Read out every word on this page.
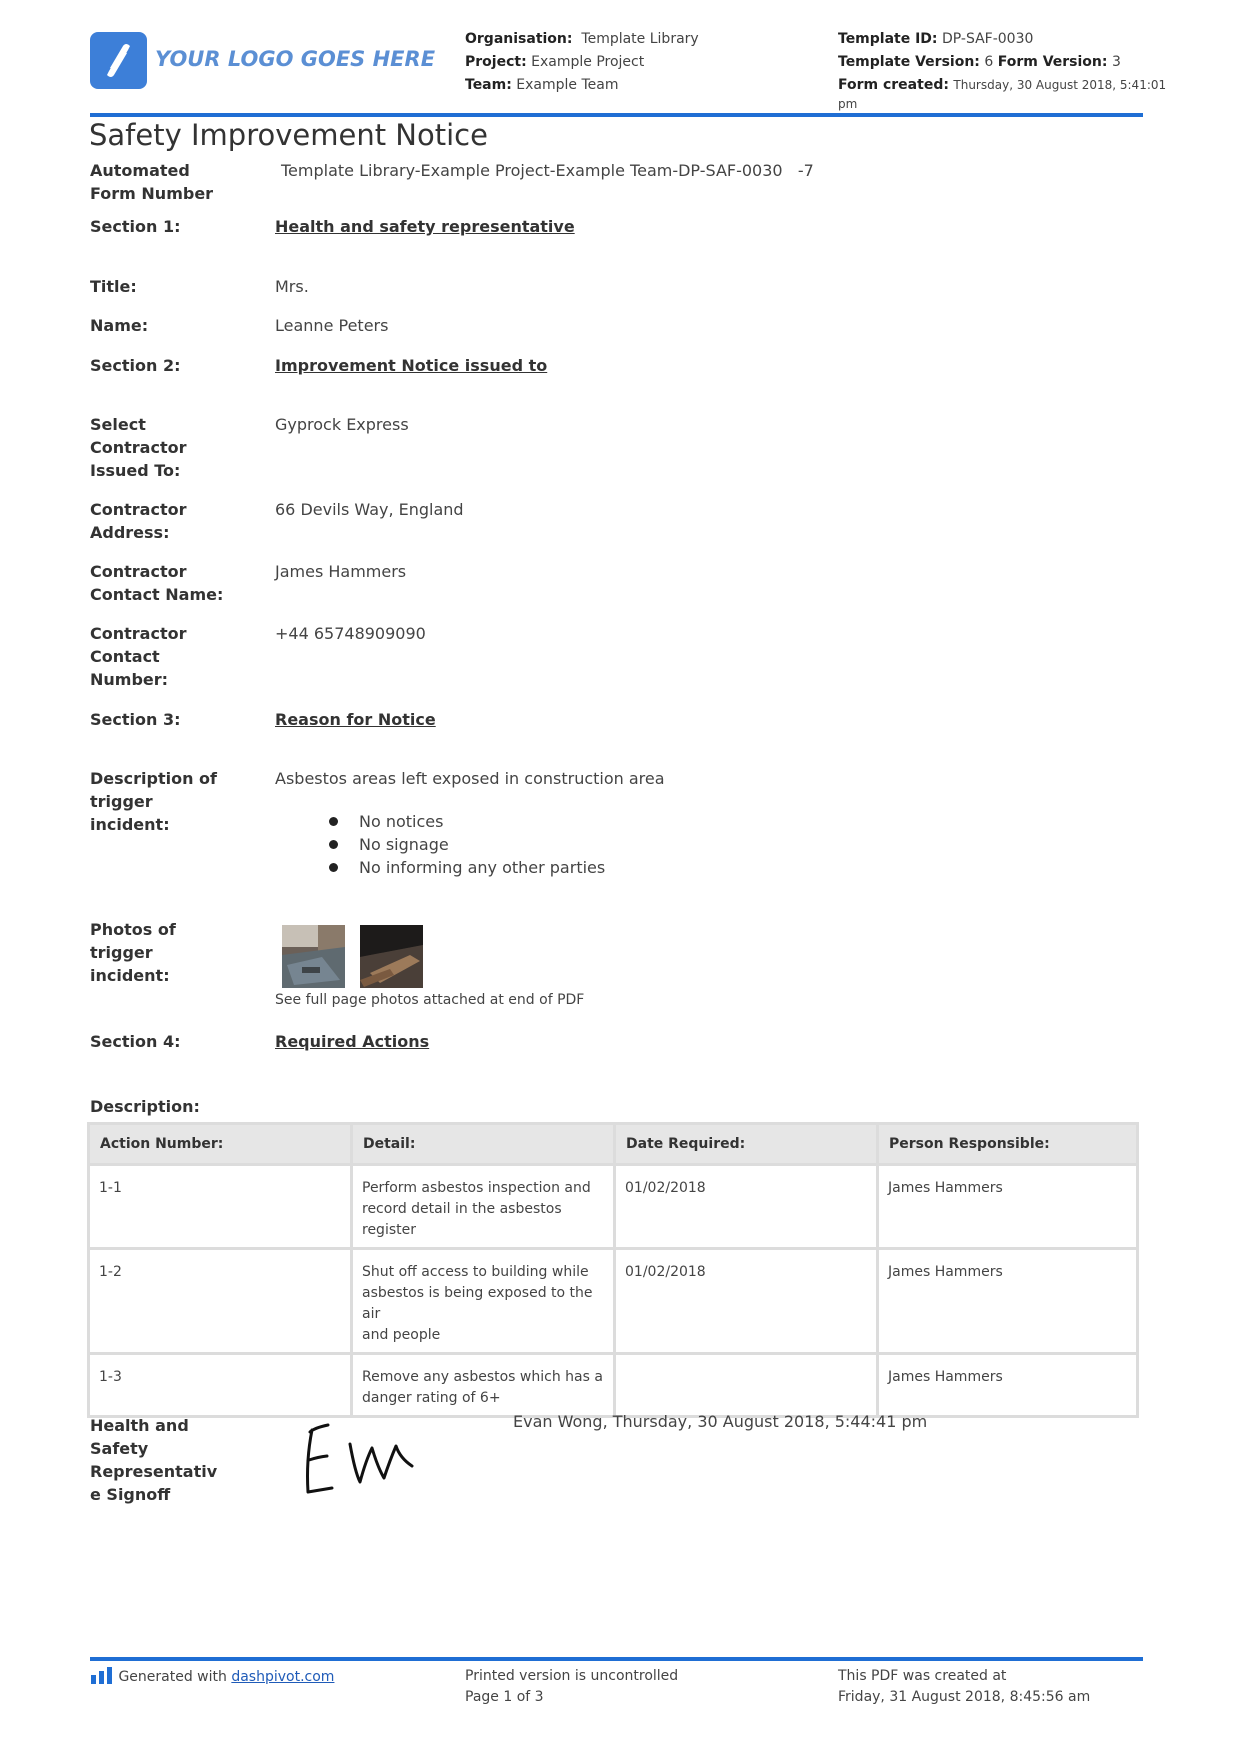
YOUR LOGO GOES HERE
Organisation: Template Library
Project: Example Project
Team: Example Team
Template ID: DP-SAF-0030
Template Version: 6 Form Version: 3
Form created: Thursday, 30 August 2018, 5:41:01
pm
Safety Improvement Notice
Automated
Form Number
Template Library-Example Project-Example Team-DP-SAF-0030   -7
Section 1:	Health and safety representative
Title:	Mrs.
Name:	Leanne Peters
Section 2:	Improvement Notice issued to
Select
Contractor
Issued To:
Gyprock Express
Contractor
Address:
66 Devils Way, England
Contractor
Contact Name:
James Hammers
Contractor
Contact
Number:
+44 65748909090
Section 3:	Reason for Notice
Description of
trigger
incident:
Asbestos areas left exposed in construction area
No notices
No signage
No informing any other parties
Photos of
trigger
incident:
See full page photos attached at end of PDF
Section 4:	Required Actions
Description:
Action Number:	Detail:	Date Required:	Person Responsible:
1-1	Perform asbestos inspection and
record detail in the asbestos
register	01/02/2018	James Hammers
1-2	Shut off access to building while
asbestos is being exposed to the air
and people	01/02/2018	James Hammers
1-3	Remove any asbestos which has a
danger rating of 6+		James Hammers
Health and
Safety
Representativ
e Signoff
Evan Wong, Thursday, 30 August 2018, 5:44:41 pm
Generated with dashpivot.com	Printed version is uncontrolled
Page 1 of 3
This PDF was created at
Friday, 31 August 2018, 8:45:56 am
